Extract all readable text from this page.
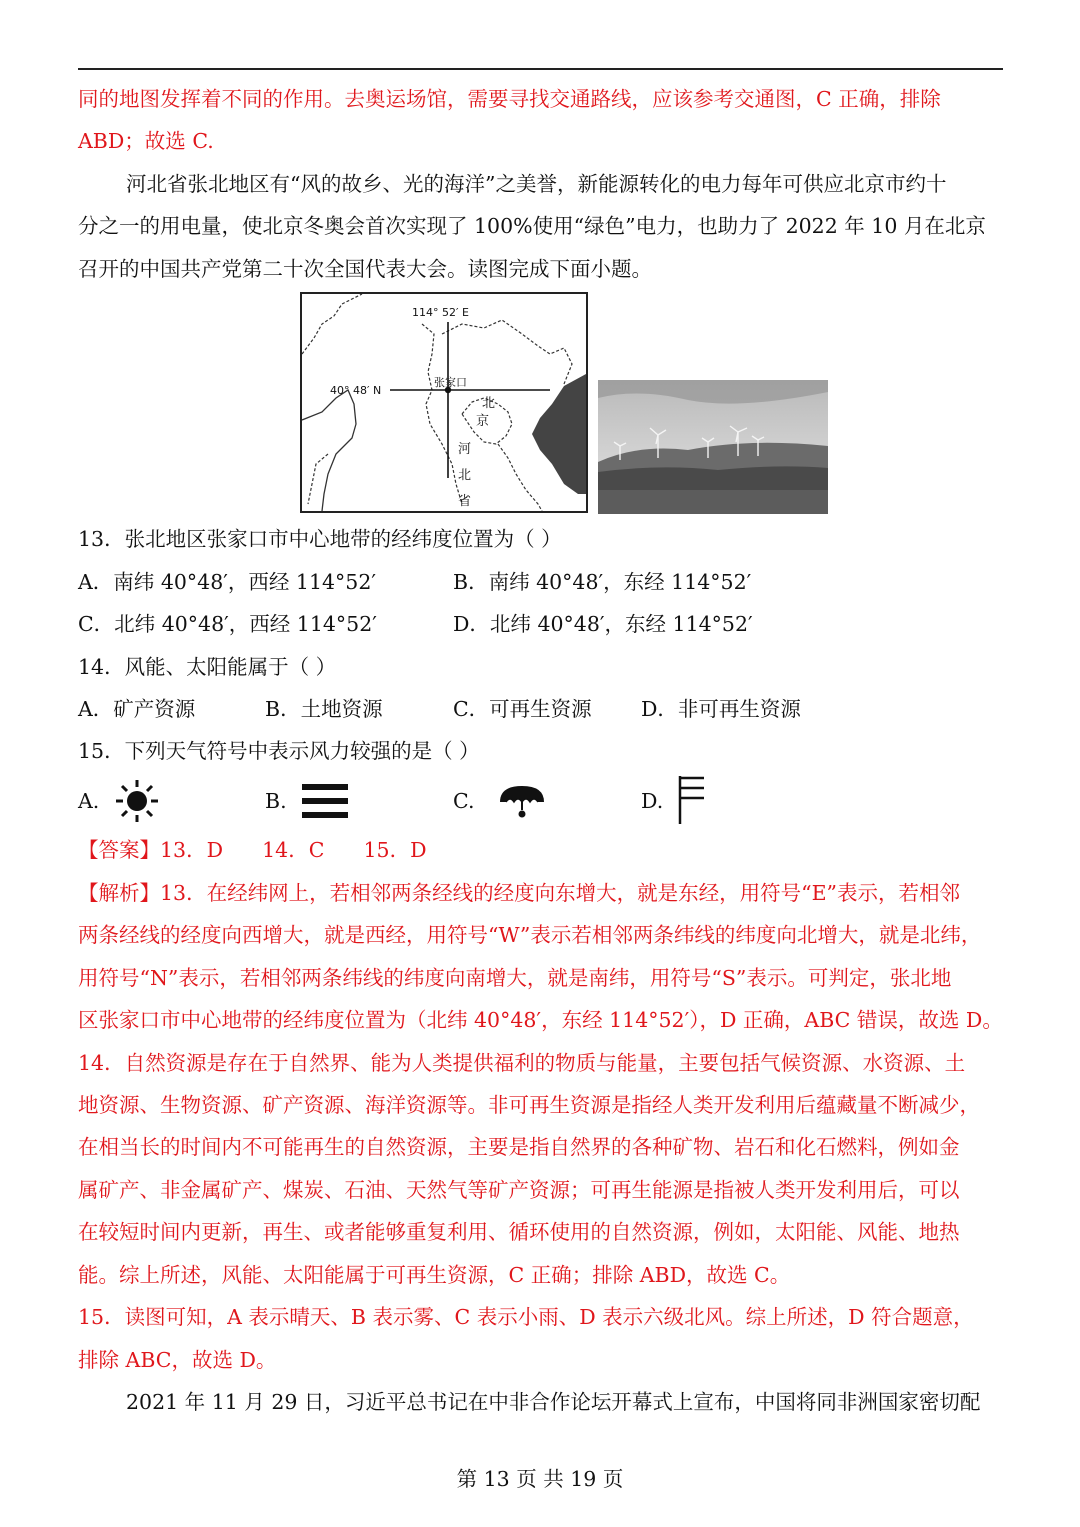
同的地图发挥着不同的作用。去奥运场馆，需要寻找交通路线，应该参考交通图，C 正确，排除
ABD；故选 C.
河北省张北地区有“风的故乡、光的海洋”之美誉，新能源转化的电力每年可供应北京市约十
分之一的用电量，使北京冬奥会首次实现了 100%使用“绿色”电力，也助力了 2022 年 10 月在北京
召开的中国共产党第二十次全国代表大会。读图完成下面小题。
114° 52′ E
40° 48′ N
张家口
北
京
河
北
省
13．张北地区张家口市中心地带的经纬度位置为（ ）
A．南纬 40°48′，西经 114°52′	B．南纬 40°48′，东经 114°52′
C．北纬 40°48′，西经 114°52′	D．北纬 40°48′，东经 114°52′
14．风能、太阳能属于（ ）
A．矿产资源	B．土地资源	C．可再生资源 D．非可再生资源
15．下列天气符号中表示风力较强的是（ ）
A.	B.	C.	D.
【答案】13．D      14．C      15．D
【解析】13．在经纬网上，若相邻两条经线的经度向东增大，就是东经，用符号“E”表示，若相邻
两条经线的经度向西增大，就是西经，用符号“W”表示若相邻两条纬线的纬度向北增大，就是北纬，
用符号“N”表示，若相邻两条纬线的纬度向南增大，就是南纬，用符号“S”表示。可判定，张北地
区张家口市中心地带的经纬度位置为（北纬 40°48′，东经 114°52′），D 正确，ABC 错误，故选 D。
14．自然资源是存在于自然界、能为人类提供福利的物质与能量，主要包括气候资源、水资源、土
地资源、生物资源、矿产资源、海洋资源等。非可再生资源是指经人类开发利用后蕴藏量不断减少，
在相当长的时间内不可能再生的自然资源，主要是指自然界的各种矿物、岩石和化石燃料，例如金
属矿产、非金属矿产、煤炭、石油、天然气等矿产资源；可再生能源是指被人类开发利用后，可以
在较短时间内更新，再生、或者能够重复利用、循环使用的自然资源，例如，太阳能、风能、地热
能。综上所述，风能、太阳能属于可再生资源，C 正确；排除 ABD，故选 C。
15．读图可知，A 表示晴天、B 表示雾、C 表示小雨、D 表示六级北风。综上所述，D 符合题意，
排除 ABC，故选 D。
2021 年 11 月 29 日，习近平总书记在中非合作论坛开幕式上宣布，中国将同非洲国家密切配
第 13 页 共 19 页
